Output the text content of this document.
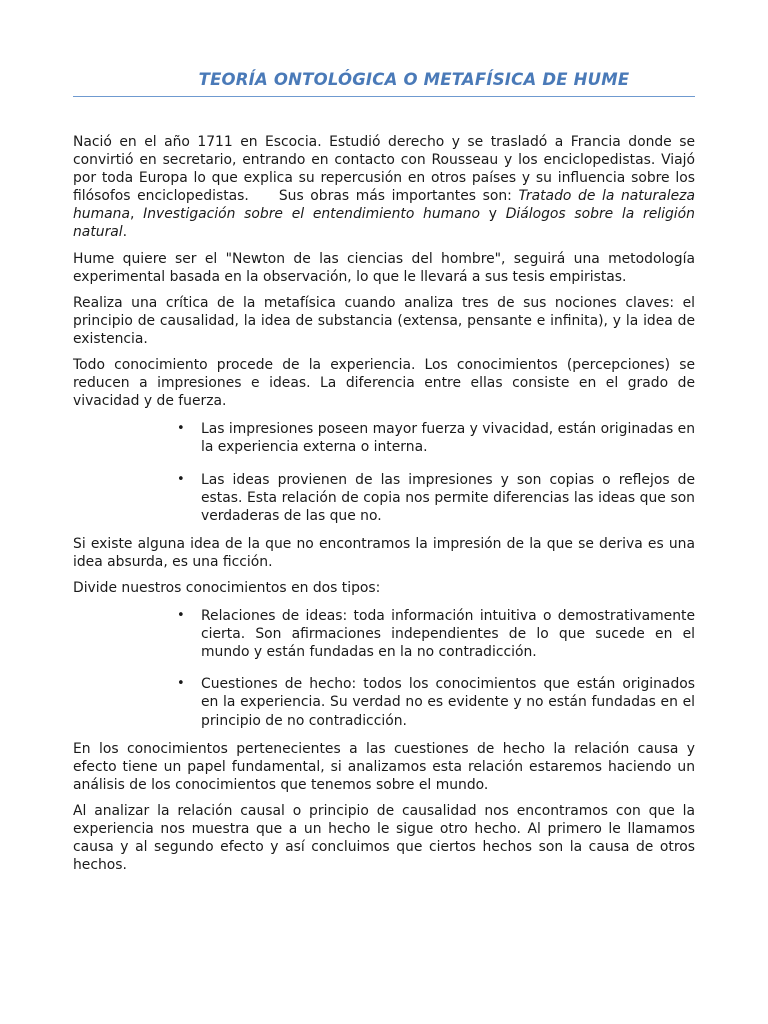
TEORÍA ONTOLÓGICA O METAFÍSICA DE HUME

Nació en el año 1711 en Escocia. Estudió derecho y se trasladó a Francia donde se convirtió en secretario, entrando en contacto con Rousseau y los enciclopedistas. Viajó por toda Europa lo que explica su repercusión en otros países y su influencia sobre los filósofos enciclopedistas. Sus obras más importantes son: Tratado de la naturaleza humana, Investigación sobre el entendimiento humano y Diálogos sobre la religión natural.

Hume quiere ser el "Newton de las ciencias del hombre", seguirá una metodología experimental basada en la observación, lo que le llevará a sus tesis empiristas.

Realiza una crítica de la metafísica cuando analiza tres de sus nociones claves: el principio de causalidad, la idea de substancia (extensa, pensante e infinita), y la idea de existencia.

Todo conocimiento procede de la experiencia. Los conocimientos (percepciones) se reducen a impresiones e ideas. La diferencia entre ellas consiste en el grado de vivacidad y de fuerza.

• Las impresiones poseen mayor fuerza y vivacidad, están originadas en la experiencia externa o interna.
• Las ideas provienen de las impresiones y son copias o reflejos de estas. Esta relación de copia nos permite diferencias las ideas que son verdaderas de las que no.

Si existe alguna idea de la que no encontramos la impresión de la que se deriva es una idea absurda, es una ficción.

Divide nuestros conocimientos en dos tipos:

• Relaciones de ideas: toda información intuitiva o demostrativamente cierta. Son afirmaciones independientes de lo que sucede en el mundo y están fundadas en la no contradicción.
• Cuestiones de hecho: todos los conocimientos que están originados en la experiencia. Su verdad no es evidente y no están fundadas en el principio de no contradicción.

En los conocimientos pertenecientes a las cuestiones de hecho la relación causa y efecto tiene un papel fundamental, si analizamos esta relación estaremos haciendo un análisis de los conocimientos que tenemos sobre el mundo.

Al analizar la relación causal o principio de causalidad nos encontramos con que la experiencia nos muestra que a un hecho le sigue otro hecho. Al primero le llamamos causa y al segundo efecto y así concluimos que ciertos hechos son la causa de otros hechos.
